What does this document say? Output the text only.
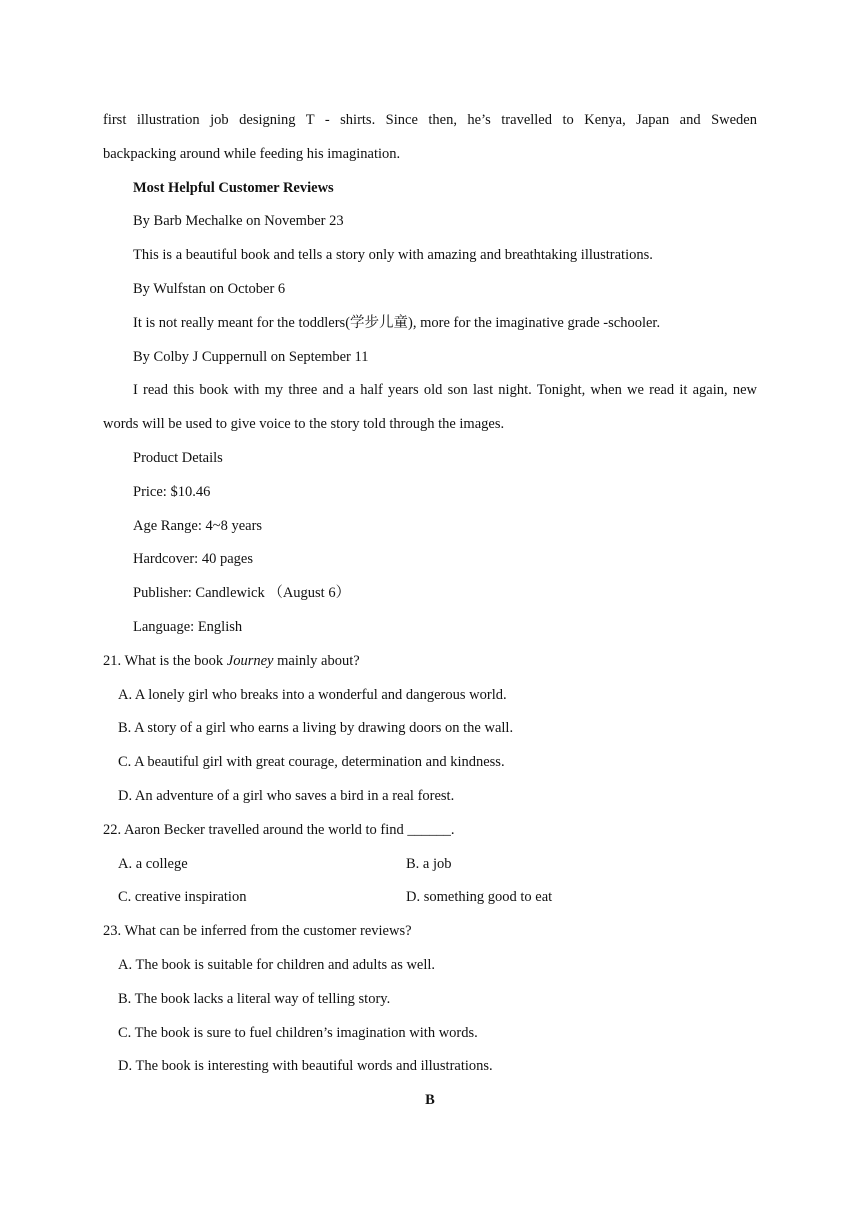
first illustration job designing T - shirts. Since then, he’s travelled to Kenya, Japan and Sweden
backpacking around while feeding his imagination.
Most Helpful Customer Reviews
By Barb Mechalke on November 23
This is a beautiful book and tells a story only with amazing and breathtaking illustrations.
By Wulfstan on October 6
It is not really meant for the toddlers(学步儿童), more for the imaginative grade -schooler.
By Colby J Cuppernull on September 11
I read this book with my three and a half years old son last night. Tonight, when we read it again, new
words will be used to give voice to the story told through the images.
Product Details
Price: $10.46
Age Range: 4~8 years
Hardcover: 40 pages
Publisher: Candlewick （August 6）
Language: English
21. What is the book Journey mainly about?
A. A lonely girl who breaks into a wonderful and dangerous world.
B. A story of a girl who earns a living by drawing doors on the wall.
C. A beautiful girl with great courage, determination and kindness.
D. An adventure of a girl who saves a bird in a real forest.
22. Aaron Becker travelled around the world to find ______.
A. a college	B. a job
C. creative inspiration	D. something good to eat
23. What can be inferred from the customer reviews?
A. The book is suitable for children and adults as well.
B. The book lacks a literal way of telling story.
C. The book is sure to fuel children’s imagination with words.
D. The book is interesting with beautiful words and illustrations.
B
